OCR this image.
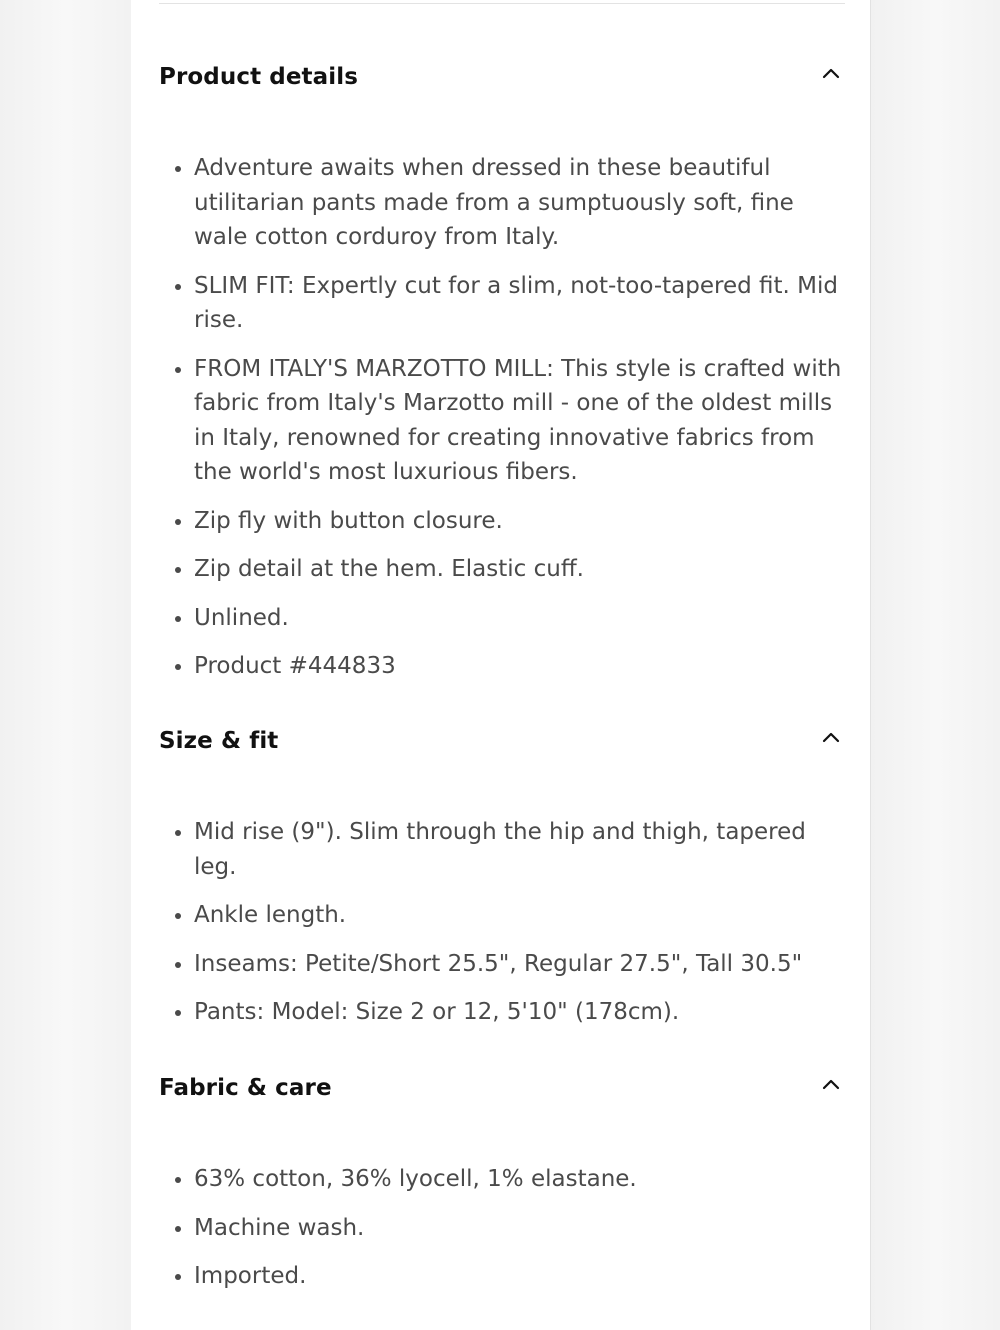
Product details
Adventure awaits when dressed in these beautiful utilitarian pants made from a sumptuously soft, fine wale cotton corduroy from Italy.
SLIM FIT: Expertly cut for a slim, not-too-tapered fit. Mid rise.
FROM ITALY'S MARZOTTO MILL: This style is crafted with fabric from Italy's Marzotto mill - one of the oldest mills in Italy, renowned for creating innovative fabrics from the world's most luxurious fibers.
Zip fly with button closure.
Zip detail at the hem. Elastic cuff.
Unlined.
Product #444833
Size & fit
Mid rise (9"). Slim through the hip and thigh, tapered leg.
Ankle length.
Inseams: Petite/Short 25.5", Regular 27.5", Tall 30.5"
Pants: Model: Size 2 or 12, 5'10" (178cm).
Fabric & care
63% cotton, 36% lyocell, 1% elastane.
Machine wash.
Imported.
